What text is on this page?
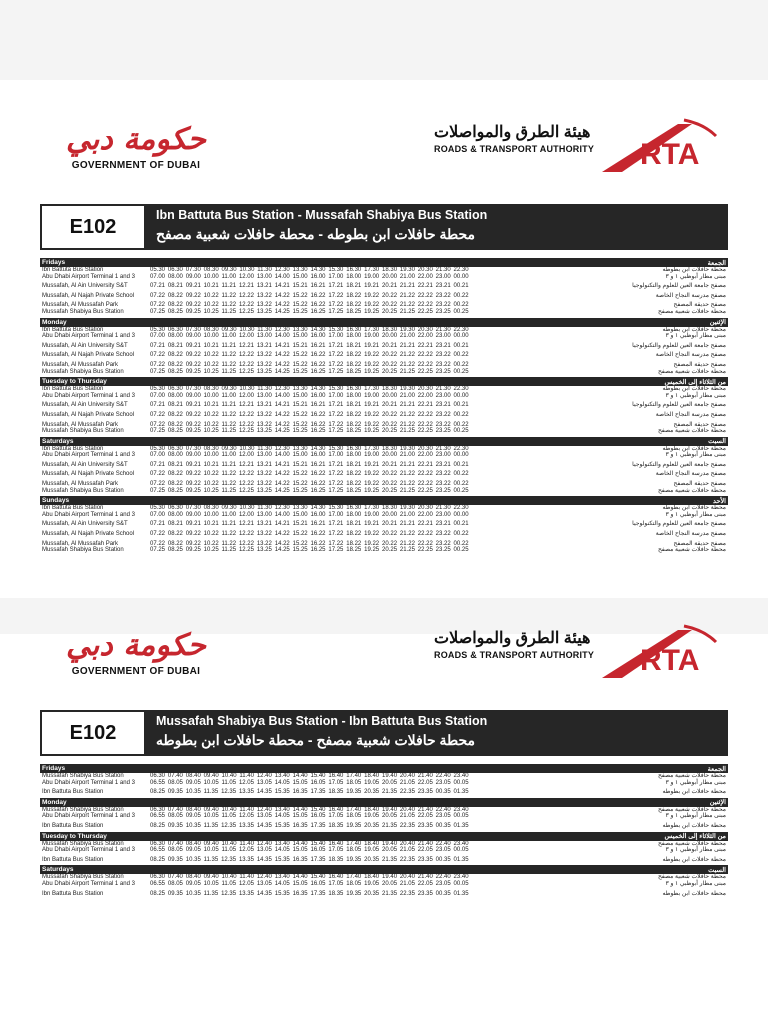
حكومة دبي
GOVERNMENT OF DUBAI
هيئة الطرق والمواصلات
ROADS & TRANSPORT AUTHORITY RTA
E102
Ibn Battuta Bus Station - Mussafah Shabiya Bus Station
محطة حافلات ابن بطوطه - محطة حافلات شعبية مصفح
Fridays	الجمعة
Ibn Battuta Bus Station	05.30 06.30 07.30 08.30 09.30 10.30 11.30 12.30 13.30 14.30 15.30 16.30 17.30 18.30 19.30 20.30 21.30 22.30	محطة حافلات ابن بطوطه
Abu Dhabi Airport Terminal 1 and 3	07.00 08.00 09.00 10.00 11.00 12.00 13.00 14.00 15.00 16.00 17.00 18.00 19.00 20.00 21.00 22.00 23.00 00.00	مبنى مطار أبوظبي ١ و ٣
Mussafah, Al Ain University S&T	07.21 08.21 09.21 10.21 11.21 12.21 13.21 14.21 15.21 16.21 17.21 18.21 19.21 20.21 21.21 22.21 23.21 00.21	مصفح جامعة العين للعلوم والتكنولوجيا
Mussafah, Al Najah Private School	07.22 08.22 09.22 10.22 11.22 12.22 13.22 14.22 15.22 16.22 17.22 18.22 19.22 20.22 21.22 22.22 23.22 00.22	مصفح مدرسة النجاح الخاصة
Mussafah, Al Mussafah Park	07.22 08.22 09.22 10.22 11.22 12.22 13.22 14.22 15.22 16.22 17.22 18.22 19.22 20.22 21.22 22.22 23.22 00.22	مصفح حديقة المصفح
Mussafah Shabiya Bus Station	07.25 08.25 09.25 10.25 11.25 12.25 13.25 14.25 15.25 16.25 17.25 18.25 19.25 20.25 21.25 22.25 23.25 00.25	محطة حافلات شعبية مصفح
Monday	الإثنين
Ibn Battuta Bus Station	05.30 06.30 07.30 08.30 09.30 10.30 11.30 12.30 13.30 14.30 15.30 16.30 17.30 18.30 19.30 20.30 21.30 22.30	محطة حافلات ابن بطوطه
Abu Dhabi Airport Terminal 1 and 3	07.00 08.00 09.00 10.00 11.00 12.00 13.00 14.00 15.00 16.00 17.00 18.00 19.00 20.00 21.00 22.00 23.00 00.00	مبنى مطار أبوظبي ١ و ٣
Mussafah, Al Ain University S&T	07.21 08.21 09.21 10.21 11.21 12.21 13.21 14.21 15.21 16.21 17.21 18.21 19.21 20.21 21.21 22.21 23.21 00.21	مصفح جامعة العين للعلوم والتكنولوجيا
Mussafah, Al Najah Private School	07.22 08.22 09.22 10.22 11.22 12.22 13.22 14.22 15.22 16.22 17.22 18.22 19.22 20.22 21.22 22.22 23.22 00.22	مصفح مدرسة النجاح الخاصة
Mussafah, Al Mussafah Park	07.22 08.22 09.22 10.22 11.22 12.22 13.22 14.22 15.22 16.22 17.22 18.22 19.22 20.22 21.22 22.22 23.22 00.22	مصفح حديقة المصفح
Mussafah Shabiya Bus Station	07.25 08.25 09.25 10.25 11.25 12.25 13.25 14.25 15.25 16.25 17.25 18.25 19.25 20.25 21.25 22.25 23.25 00.25	محطة حافلات شعبية مصفح
Tuesday to Thursday	من الثلاثاء إلى الخميس
Ibn Battuta Bus Station	05.30 06.30 07.30 08.30 09.30 10.30 11.30 12.30 13.30 14.30 15.30 16.30 17.30 18.30 19.30 20.30 21.30 22.30	محطة حافلات ابن بطوطه
Abu Dhabi Airport Terminal 1 and 3	07.00 08.00 09.00 10.00 11.00 12.00 13.00 14.00 15.00 16.00 17.00 18.00 19.00 20.00 21.00 22.00 23.00 00.00	مبنى مطار أبوظبي ١ و ٣
Mussafah, Al Ain University S&T	07.21 08.21 09.21 10.21 11.21 12.21 13.21 14.21 15.21 16.21 17.21 18.21 19.21 20.21 21.21 22.21 23.21 00.21	مصفح جامعة العين للعلوم والتكنولوجيا
Mussafah, Al Najah Private School	07.22 08.22 09.22 10.22 11.22 12.22 13.22 14.22 15.22 16.22 17.22 18.22 19.22 20.22 21.22 22.22 23.22 00.22	مصفح مدرسة النجاح الخاصة
Mussafah, Al Mussafah Park	07.22 08.22 09.22 10.22 11.22 12.22 13.22 14.22 15.22 16.22 17.22 18.22 19.22 20.22 21.22 22.22 23.22 00.22	مصفح حديقة المصفح
Mussafah Shabiya Bus Station	07.25 08.25 09.25 10.25 11.25 12.25 13.25 14.25 15.25 16.25 17.25 18.25 19.25 20.25 21.25 22.25 23.25 00.25	محطة حافلات شعبية مصفح
Saturdays	السبت
Ibn Battuta Bus Station	05.30 06.30 07.30 08.30 09.30 10.30 11.30 12.30 13.30 14.30 15.30 16.30 17.30 18.30 19.30 20.30 21.30 22.30	محطة حافلات ابن بطوطه
Abu Dhabi Airport Terminal 1 and 3	07.00 08.00 09.00 10.00 11.00 12.00 13.00 14.00 15.00 16.00 17.00 18.00 19.00 20.00 21.00 22.00 23.00 00.00	مبنى مطار أبوظبي ١ و ٣
Mussafah, Al Ain University S&T	07.21 08.21 09.21 10.21 11.21 12.21 13.21 14.21 15.21 16.21 17.21 18.21 19.21 20.21 21.21 22.21 23.21 00.21	مصفح جامعة العين للعلوم والتكنولوجيا
Mussafah, Al Najah Private School	07.22 08.22 09.22 10.22 11.22 12.22 13.22 14.22 15.22 16.22 17.22 18.22 19.22 20.22 21.22 22.22 23.22 00.22	مصفح مدرسة النجاح الخاصة
Mussafah, Al Mussafah Park	07.22 08.22 09.22 10.22 11.22 12.22 13.22 14.22 15.22 16.22 17.22 18.22 19.22 20.22 21.22 22.22 23.22 00.22	مصفح حديقة المصفح
Mussafah Shabiya Bus Station	07.25 08.25 09.25 10.25 11.25 12.25 13.25 14.25 15.25 16.25 17.25 18.25 19.25 20.25 21.25 22.25 23.25 00.25	محطة حافلات شعبية مصفح
Sundays	الأحد
Ibn Battuta Bus Station	05.30 06.30 07.30 08.30 09.30 10.30 11.30 12.30 13.30 14.30 15.30 16.30 17.30 18.30 19.30 20.30 21.30 22.30	محطة حافلات ابن بطوطه
Abu Dhabi Airport Terminal 1 and 3	07.00 08.00 09.00 10.00 11.00 12.00 13.00 14.00 15.00 16.00 17.00 18.00 19.00 20.00 21.00 22.00 23.00 00.00	مبنى مطار أبوظبي ١ و ٣
Mussafah, Al Ain University S&T	07.21 08.21 09.21 10.21 11.21 12.21 13.21 14.21 15.21 16.21 17.21 18.21 19.21 20.21 21.21 22.21 23.21 00.21	مصفح جامعة العين للعلوم والتكنولوجيا
Mussafah, Al Najah Private School	07.22 08.22 09.22 10.22 11.22 12.22 13.22 14.22 15.22 16.22 17.22 18.22 19.22 20.22 21.22 22.22 23.22 00.22	مصفح مدرسة النجاح الخاصة
Mussafah, Al Mussafah Park	07.22 08.22 09.22 10.22 11.22 12.22 13.22 14.22 15.22 16.22 17.22 18.22 19.22 20.22 21.22 22.22 23.22 00.22	مصفح حديقة المصفح
Mussafah Shabiya Bus Station	07.25 08.25 09.25 10.25 11.25 12.25 13.25 14.25 15.25 16.25 17.25 18.25 19.25 20.25 21.25 22.25 23.25 00.25	محطة حافلات شعبية مصفح
حكومة دبي
GOVERNMENT OF DUBAI
هيئة الطرق والمواصلات
ROADS & TRANSPORT AUTHORITY RTA
E102
Mussafah Shabiya Bus Station - Ibn Battuta Bus Station
محطة حافلات شعبية مصفح - محطة حافلات ابن بطوطه
Fridays	الجمعة
Mussafah Shabiya Bus Station	06.30 07.40 08.40 09.40 10.40 11.40 12.40 13.40 14.40 15.40 16.40 17.40 18.40 19.40 20.40 21.40 22.40 23.40	محطة حافلات شعبية مصفح
Abu Dhabi Airport Terminal 1 and 3	06.55 08.05 09.05 10.05 11.05 12.05 13.05 14.05 15.05 16.05 17.05 18.05 19.05 20.05 21.05 22.05 23.05 00.05	مبنى مطار أبوظبي ١ و ٣
Ibn Battuta Bus Station	08.25 09.35 10.35 11.35 12.35 13.35 14.35 15.35 16.35 17.35 18.35 19.35 20.35 21.35 22.35 23.35 00.35 01.35	محطة حافلات ابن بطوطه
Monday	الإثنين
Mussafah Shabiya Bus Station	06.30 07.40 08.40 09.40 10.40 11.40 12.40 13.40 14.40 15.40 16.40 17.40 18.40 19.40 20.40 21.40 22.40 23.40	محطة حافلات شعبية مصفح
Abu Dhabi Airport Terminal 1 and 3	06.55 08.05 09.05 10.05 11.05 12.05 13.05 14.05 15.05 16.05 17.05 18.05 19.05 20.05 21.05 22.05 23.05 00.05	مبنى مطار أبوظبي ١ و ٣
Ibn Battuta Bus Station	08.25 09.35 10.35 11.35 12.35 13.35 14.35 15.35 16.35 17.35 18.35 19.35 20.35 21.35 22.35 23.35 00.35 01.35	محطة حافلات ابن بطوطه
Tuesday to Thursday	من الثلاثاء إلى الخميس
Mussafah Shabiya Bus Station	06.30 07.40 08.40 09.40 10.40 11.40 12.40 13.40 14.40 15.40 16.40 17.40 18.40 19.40 20.40 21.40 22.40 23.40	محطة حافلات شعبية مصفح
Abu Dhabi Airport Terminal 1 and 3	06.55 08.05 09.05 10.05 11.05 12.05 13.05 14.05 15.05 16.05 17.05 18.05 19.05 20.05 21.05 22.05 23.05 00.05	مبنى مطار أبوظبي ١ و ٣
Ibn Battuta Bus Station	08.25 09.35 10.35 11.35 12.35 13.35 14.35 15.35 16.35 17.35 18.35 19.35 20.35 21.35 22.35 23.35 00.35 01.35	محطة حافلات ابن بطوطه
Saturdays	السبت
Mussafah Shabiya Bus Station	06.30 07.40 08.40 09.40 10.40 11.40 12.40 13.40 14.40 15.40 16.40 17.40 18.40 19.40 20.40 21.40 22.40 23.40	محطة حافلات شعبية مصفح
Abu Dhabi Airport Terminal 1 and 3	06.55 08.05 09.05 10.05 11.05 12.05 13.05 14.05 15.05 16.05 17.05 18.05 19.05 20.05 21.05 22.05 23.05 00.05	مبنى مطار أبوظبي ١ و ٣
Ibn Battuta Bus Station	08.25 09.35 10.35 11.35 12.35 13.35 14.35 15.35 16.35 17.35 18.35 19.35 20.35 21.35 22.35 23.35 00.35 01.35	محطة حافلات ابن بطوطه
